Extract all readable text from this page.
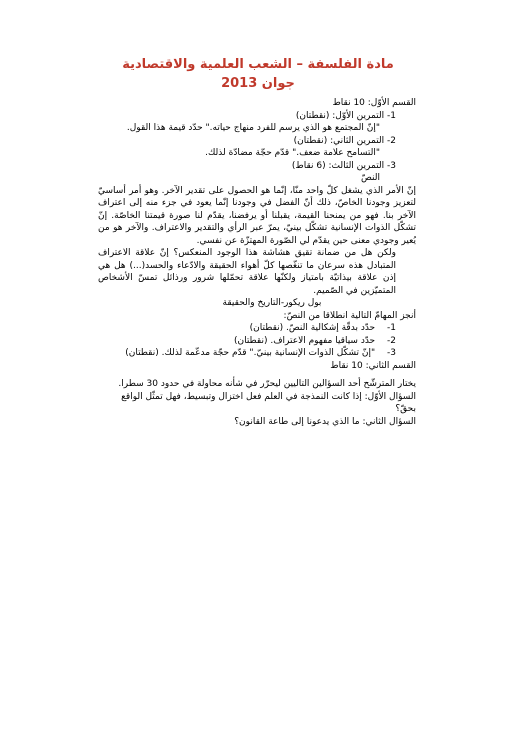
مادة الفلسفة – الشعب العلمية والاقتصادية
جوان 2013

القسم الأوّل: 10 نقاط

1- التمرين الأوّل: (نقطتان)

"إنّ المجتمع هو الذي يرسم للفرد منهاج حياته." حدّد قيمة هذا القول.

2- التمرين الثاني: (نقطتان)

"التسامح علامة ضعف." قدّم حجّة مضادّة لذلك.

3- التمرين الثالث: (6 نقاط)

النصّ

إنّ الأمر الذي يشغل كلّ واحد منّا، إنّما هو الحصول على تقدير الآخر. وهو أمر أساسيّ لتعزيز وجودنا الخاصّ، ذلك أنّ الفضل في وجودنا إنّما يعود في جزء منه إلى اعتراف الآخر بنا. فهو من يمنحنا القيمة، يقبلنا أو يرفضنا، يقدّم لنا صورة قيمتنا الخاصّة. إنّ تشكّل الذوات الإنسانية تشكّل بينيّ، يمرّ عبر الرأي والتقدير والاعتراف. والآخر هو من يُعير وجودي معنى حين يقدّم لي الصّورة المهتزّة عن نفسي.

ولكن هل من ضمانة تقيق هشاشة هذا الوجود المنعكس؟ إنّ علاقة الاعتراف المتبادل هذه سرعان ما تنغّصها كلّ أهواء الحقيقة والادّعاء والحسد(...) هل هي إذن علاقة بيذاتيّة بامتياز ولكنّها علاقة تحمّلها شرور ورذائل تمسّ الأشخاص المتميّزين في الصّميم.

بول ريكور-التاريخ والحقيقة

أنجز المهامّ التالية انطلاقا من النصّ:

1- حدّد بدقّة إشكالية النصّ. (نقطتان)

2- حدّد سياقيا مفهوم الاعتراف. (نقطتان)

3- "إنّ تشكّل الذوات الإنسانية بينيّ." قدّم حجّة مدعّمة لذلك. (نقطتان)

القسم الثاني: 10 نقاط

يختار المترشّح أحد السؤالين التاليين ليحرّر في شأنه محاولة في حدود 30 سطرا.

السؤال الأوّل: إذا كانت النمذجة في العلم فعل اختزال وتبسيط، فهل تمثّل الواقع بحقّ؟

السؤال الثاني: ما الذي يدعونا إلى طاعة القانون؟
